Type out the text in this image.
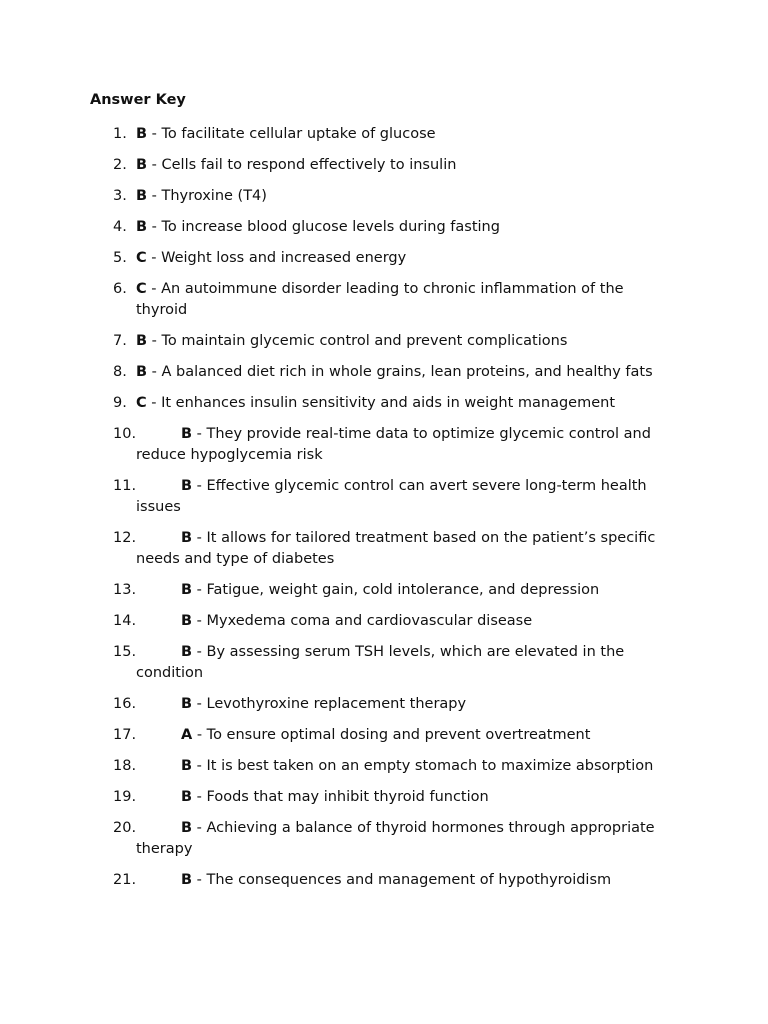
Answer Key
1. B - To facilitate cellular uptake of glucose
2. B - Cells fail to respond effectively to insulin
3. B - Thyroxine (T4)
4. B - To increase blood glucose levels during fasting
5. C - Weight loss and increased energy
6. C - An autoimmune disorder leading to chronic inflammation of the thyroid
7. B - To maintain glycemic control and prevent complications
8. B - A balanced diet rich in whole grains, lean proteins, and healthy fats
9. C - It enhances insulin sensitivity and aids in weight management
10.	B - They provide real-time data to optimize glycemic control and reduce hypoglycemia risk
11.	B - Effective glycemic control can avert severe long-term health issues
12.	B - It allows for tailored treatment based on the patient’s specific needs and type of diabetes
13.	B - Fatigue, weight gain, cold intolerance, and depression
14.	B - Myxedema coma and cardiovascular disease
15.	B - By assessing serum TSH levels, which are elevated in the condition
16.	B - Levothyroxine replacement therapy
17.	A - To ensure optimal dosing and prevent overtreatment
18.	B - It is best taken on an empty stomach to maximize absorption
19.	B - Foods that may inhibit thyroid function
20.	B - Achieving a balance of thyroid hormones through appropriate therapy
21.	B - The consequences and management of hypothyroidism
